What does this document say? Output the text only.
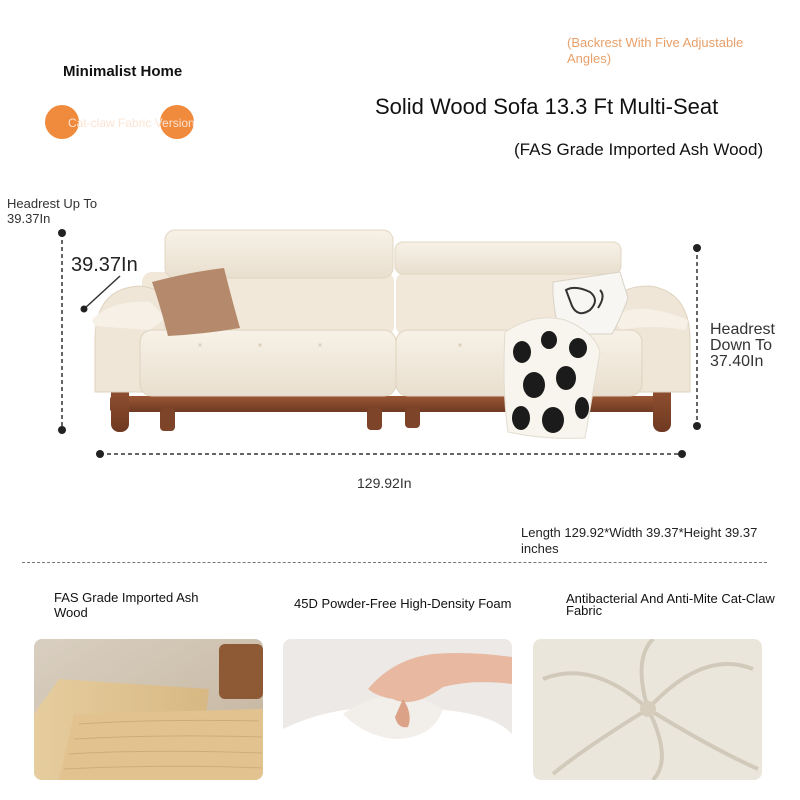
Minimalist Home
Cat-claw Fabric Version
(Backrest With Five Adjustable Angles)
Solid Wood Sofa 13.3 Ft Multi-Seat
(FAS Grade Imported Ash Wood)
Headrest Up To 39.37In
39.37In
Headrest Down To 37.40In
129.92In
Length 129.92*Width 39.37*Height 39.37 inches
FAS Grade Imported Ash Wood
45D Powder-Free High-Density Foam	Antibacterial And Anti-Mite Cat-Claw Fabric
